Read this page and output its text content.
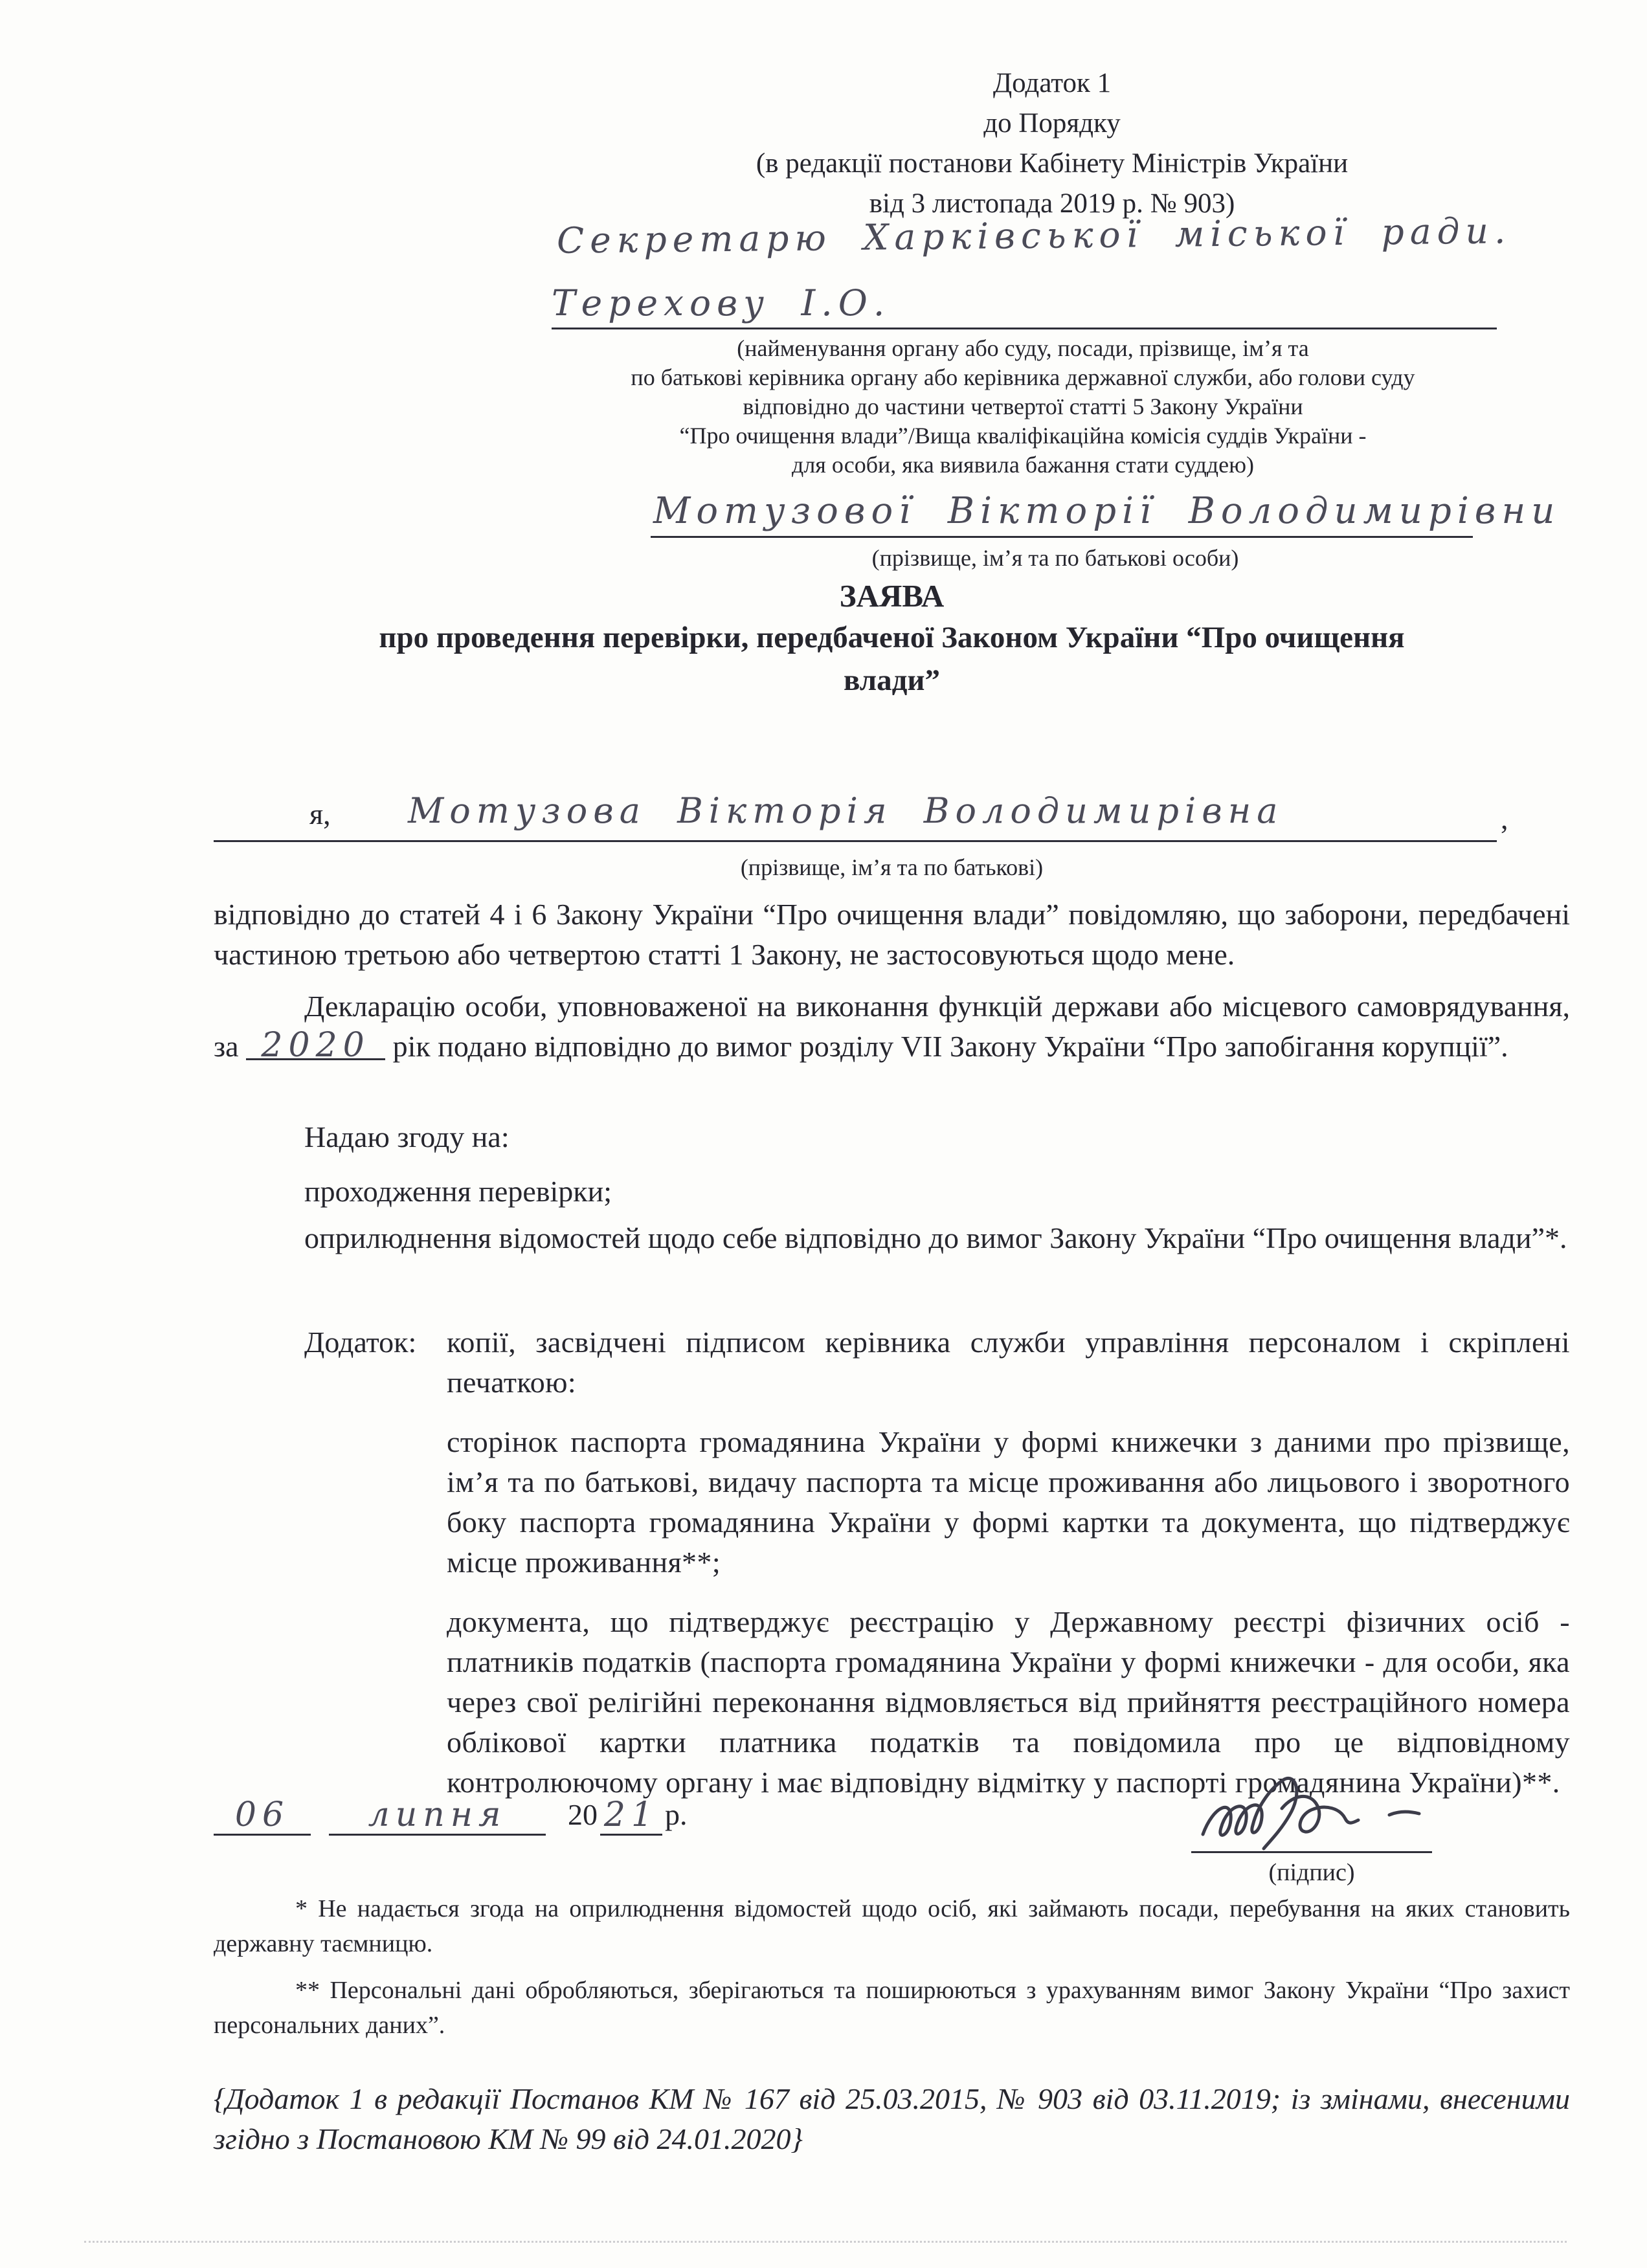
Додаток 1
до Порядку
(в редакції постанови Кабінету Міністрів України
від 3 листопада 2019 р. № 903)
Секретарю Харківської міської ради.
Терехову І.О.
(найменування органу або суду, посади, прізвище, ім’я та
по батькові керівника органу або керівника державної служби, або голови суду
відповідно до частини четвертої статті 5 Закону України
“Про очищення влади”/Вища кваліфікаційна комісія суддів України -
для особи, яка виявила бажання стати суддею)
Мотузової Вікторії Володимирівни
(прізвище, ім’я та по батькові особи)
ЗАЯВА
про проведення перевірки, передбаченої Законом України “Про очищення
влади”
я, Мотузова Вікторія Володимирівна	,
(прізвище, ім’я та по батькові)
відповідно до статей 4 і 6 Закону України “Про очищення влади” повідомляю, що заборони, передбачені частиною третьою або четвертою статті 1 Закону, не застосовуються щодо мене.
Декларацію особи, уповноваженої на виконання функцій держави або місцевого самоврядування, за 2020 рік подано відповідно до вимог розділу VII Закону України “Про запобігання корупції”.
Надаю згоду на:
проходження перевірки;
оприлюднення відомостей щодо себе відповідно до вимог Закону України “Про очищення влади”*.
Додаток:	копії, засвідчені підписом керівника служби управління персоналом і скріплені печаткою:

сторінок паспорта громадянина України у формі книжечки з даними про прізвище, ім’я та по батькові, видачу паспорта та місце проживання або лицьового і зворотного боку паспорта громадянина України у формі картки та документа, що підтверджує місце проживання**;

документа, що підтверджує реєстрацію у Державному реєстрі фізичних осіб - платників податків (паспорта громадянина України у формі книжечки - для особи, яка через свої релігійні переконання відмовляється від прийняття реєстраційного номера облікової картки платника податків та повідомила про це відповідному контролюючому органу і має відповідну відмітку у паспорті громадянина України)**.

06	липня	20 21 р.
(підпис)
* Не надається згода на оприлюднення відомостей щодо осіб, які займають посади, перебування на яких становить державну таємницю.
** Персональні дані обробляються, зберігаються та поширюються з урахуванням вимог Закону України “Про захист персональних даних”.
{Додаток 1 в редакції Постанов КМ № 167 від 25.03.2015, № 903 від 03.11.2019; із змінами, внесеними згідно з Постановою КМ № 99 від 24.01.2020}
